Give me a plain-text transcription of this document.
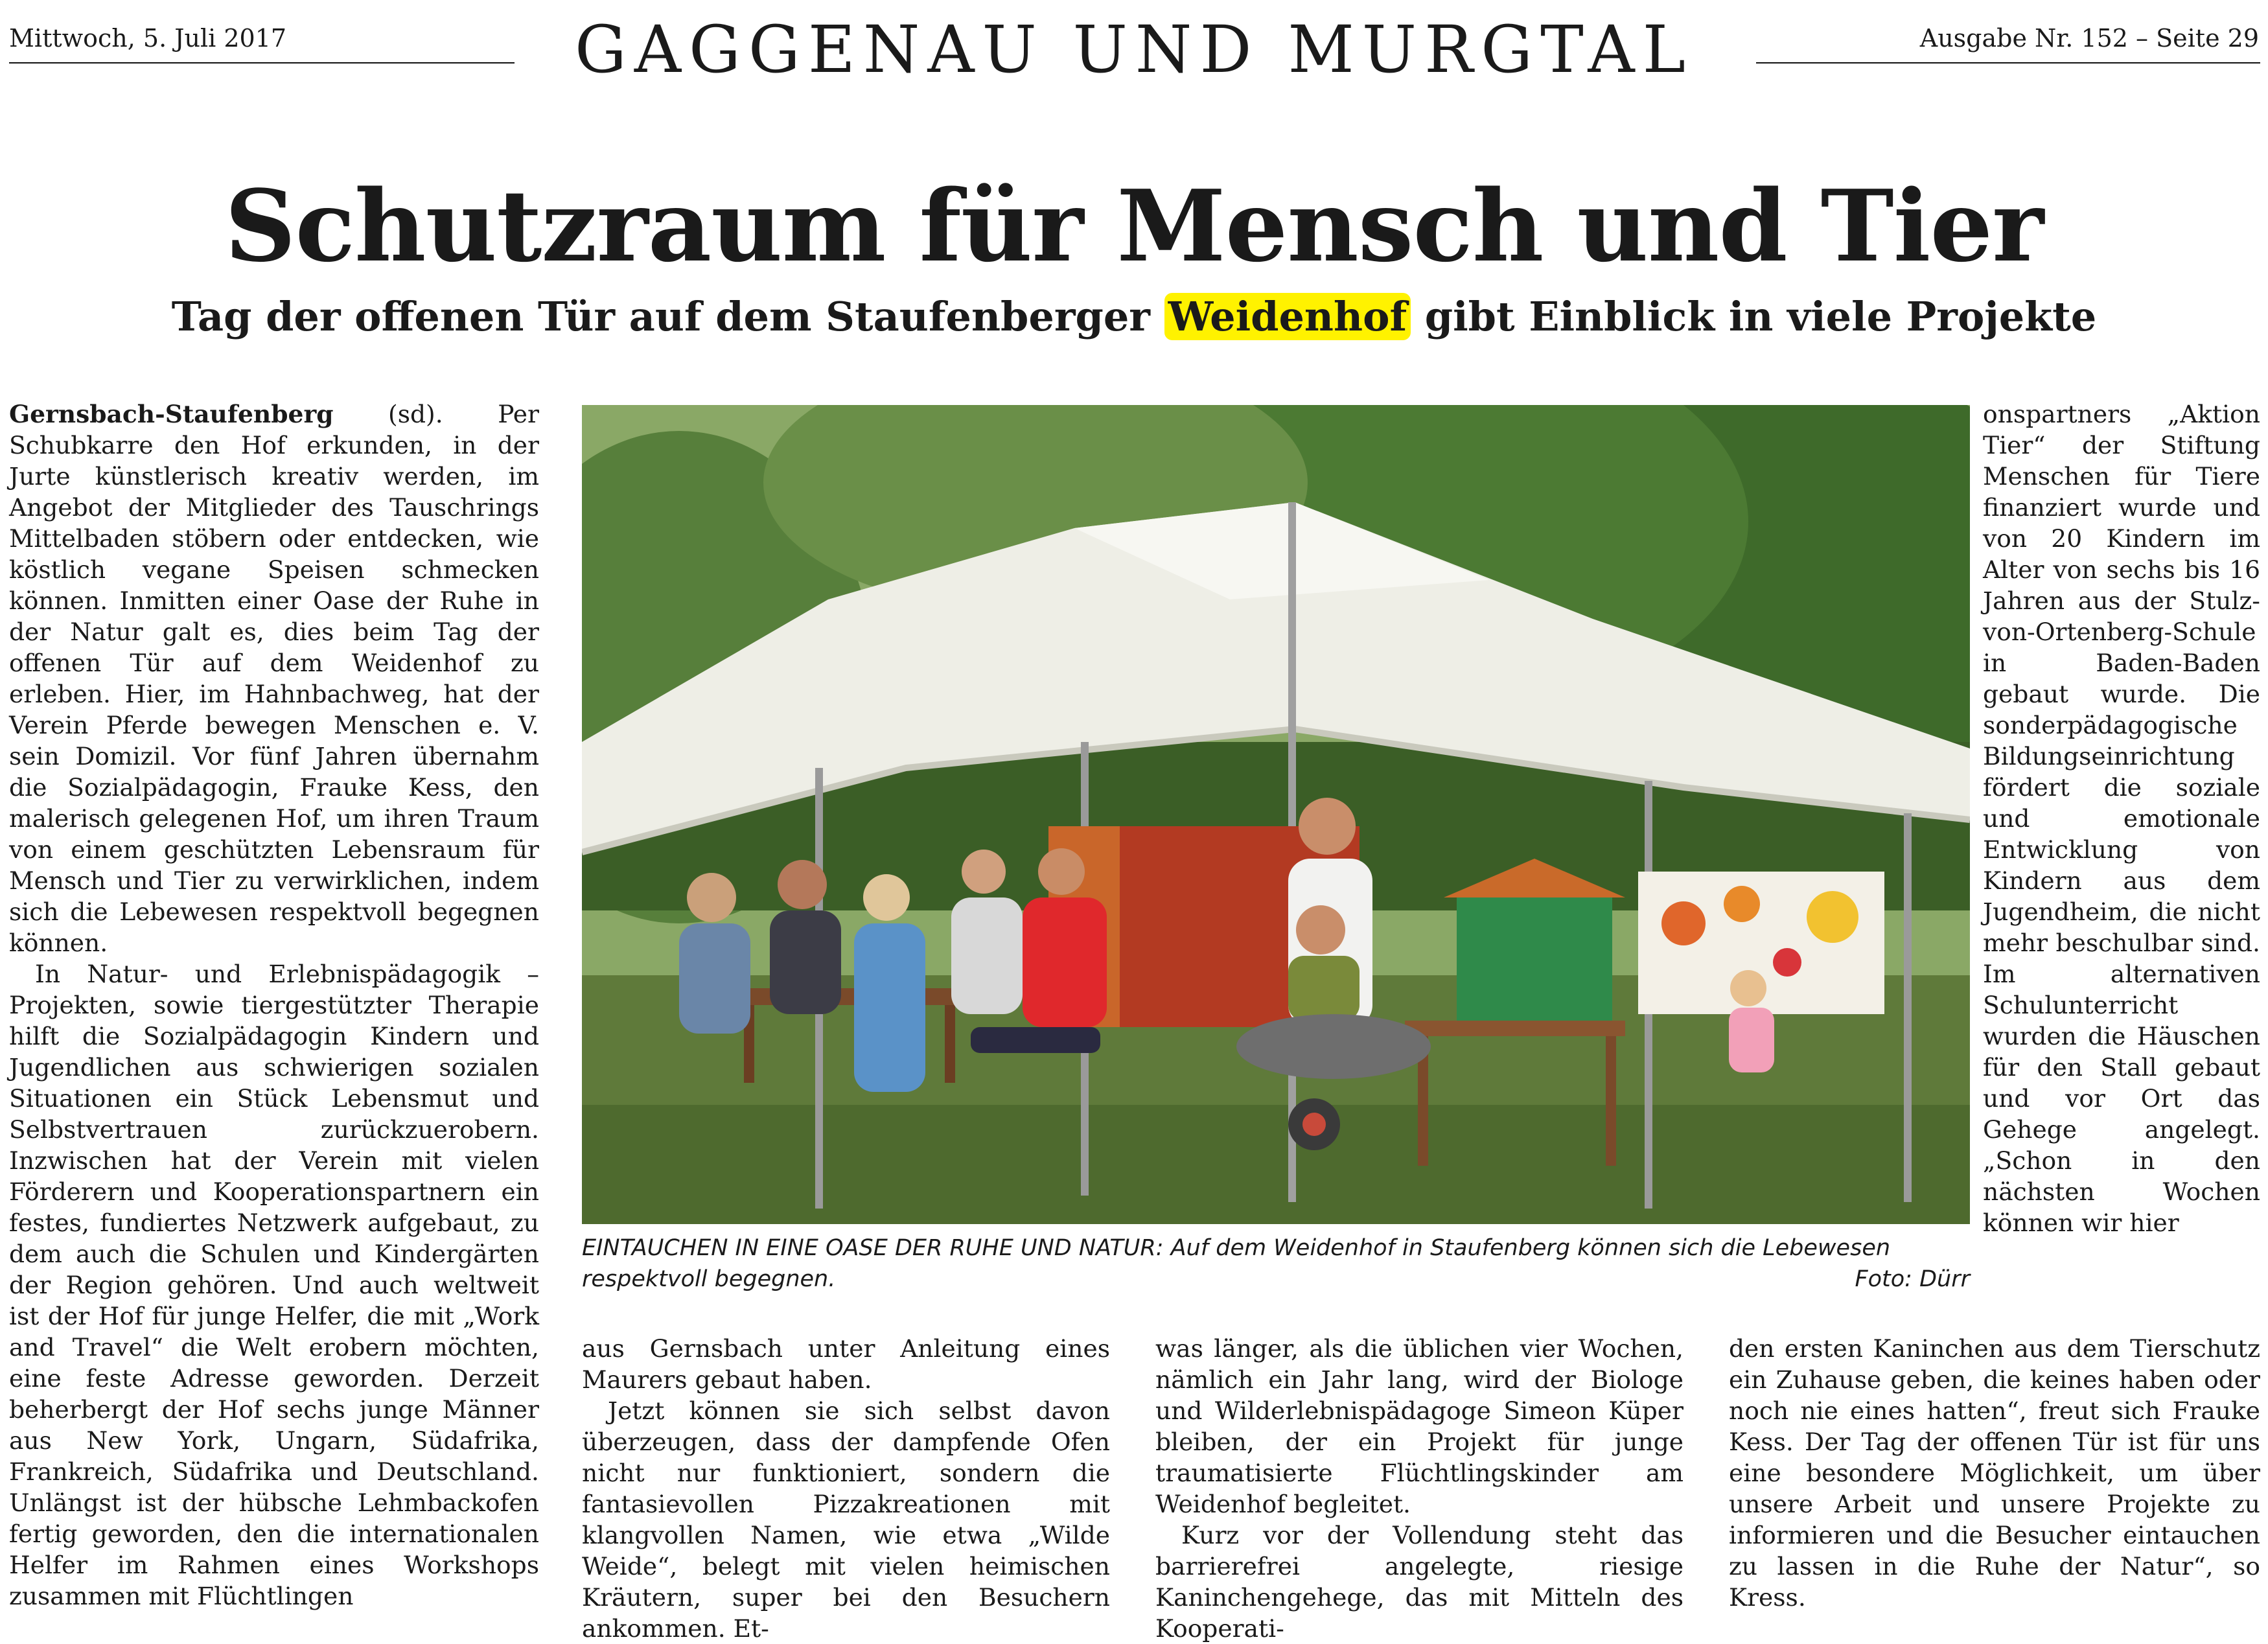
Mittwoch, 5. Juli 2017	GAGGENAU UND MURGTAL	Ausgabe Nr. 152 – Seite 29
Schutzraum für Mensch und Tier
Tag der offenen Tür auf dem Staufenberger Weidenhof gibt Einblick in viele Projekte

Gernsbach-Staufenberg (sd). Per Schubkarre den Hof erkunden, in der Jurte künstlerisch kreativ werden, im Angebot der Mitglieder des Tauschrings Mittelbaden stöbern oder entdecken, wie köstlich vegane Speisen schmecken können. Inmitten einer Oase der Ruhe in der Natur galt es, dies beim Tag der offenen Tür auf dem Weidenhof zu erleben. Hier, im Hahnbachweg, hat der Verein Pferde bewegen Menschen e. V. sein Domizil. Vor fünf Jahren übernahm die Sozialpädagogin, Frauke Kess, den malerisch gelegenen Hof, um ihren Traum von einem geschützten Lebensraum für Mensch und Tier zu verwirklichen, indem sich die Lebewesen respektvoll begegnen können.

In Natur- und Erlebnispädagogik – Projekten, sowie tiergestützter Therapie hilft die Sozialpädagogin Kindern und Jugendlichen aus schwierigen sozialen Situationen ein Stück Lebensmut und Selbstvertrauen zurückzuerobern. Inzwischen hat der Verein mit vielen Förderern und Kooperationspartnern ein festes, fundiertes Netzwerk aufgebaut, zu dem auch die Schulen und Kindergärten der Region gehören. Und auch weltweit ist der Hof für junge Helfer, die mit „Work and Travel“ die Welt erobern möchten, eine feste Adresse geworden. Derzeit beherbergt der Hof sechs junge Männer aus New York, Ungarn, Südafrika, Frankreich, Südafrika und Deutschland. Unlängst ist der hübsche Lehmbackofen fertig geworden, den die internationalen Helfer im Rahmen eines Workshops zusammen mit Flüchtlingen

EINTAUCHEN IN EINE OASE DER RUHE UND NATUR: Auf dem Weidenhof in Staufenberg können sich die Lebewesen respektvoll begegnen.	Foto: Dürr

aus Gernsbach unter Anleitung eines Maurers gebaut haben.

Jetzt können sie sich selbst davon überzeugen, dass der dampfende Ofen nicht nur funktioniert, sondern die fantasievollen Pizzakreationen mit klangvollen Namen, wie etwa „Wilde Weide“, belegt mit vielen heimischen Kräutern, super bei den Besuchern ankommen. Et-

was länger, als die üblichen vier Wochen, nämlich ein Jahr lang, wird der Biologe und Wilderlebnispädagoge Simeon Küper bleiben, der ein Projekt für junge traumatisierte Flüchtlingskinder am Weidenhof begleitet.

Kurz vor der Vollendung steht das barrierefrei angelegte, riesige Kaninchengehege, das mit Mitteln des Kooperati-

onspartners „Aktion Tier“ der Stiftung Menschen für Tiere finanziert wurde und von 20 Kindern im Alter von sechs bis 16 Jahren aus der Stulz-von-Ortenberg-Schule in Baden-Baden gebaut wurde. Die sonderpädagogische Bildungseinrichtung fördert die soziale und emotionale Entwicklung von Kindern aus dem Jugendheim, die nicht mehr beschulbar sind. Im alternativen Schulunterricht wurden die Häuschen für den Stall gebaut und vor Ort das Gehege angelegt. „Schon in den nächsten Wochen können wir hier

den ersten Kaninchen aus dem Tierschutz ein Zuhause geben, die keines haben oder noch nie eines hatten“, freut sich Frauke Kess. Der Tag der offenen Tür ist für uns eine besondere Möglichkeit, um über unsere Arbeit und unsere Projekte zu informieren und die Besucher eintauchen zu lassen in die Ruhe der Natur“, so Kress.
